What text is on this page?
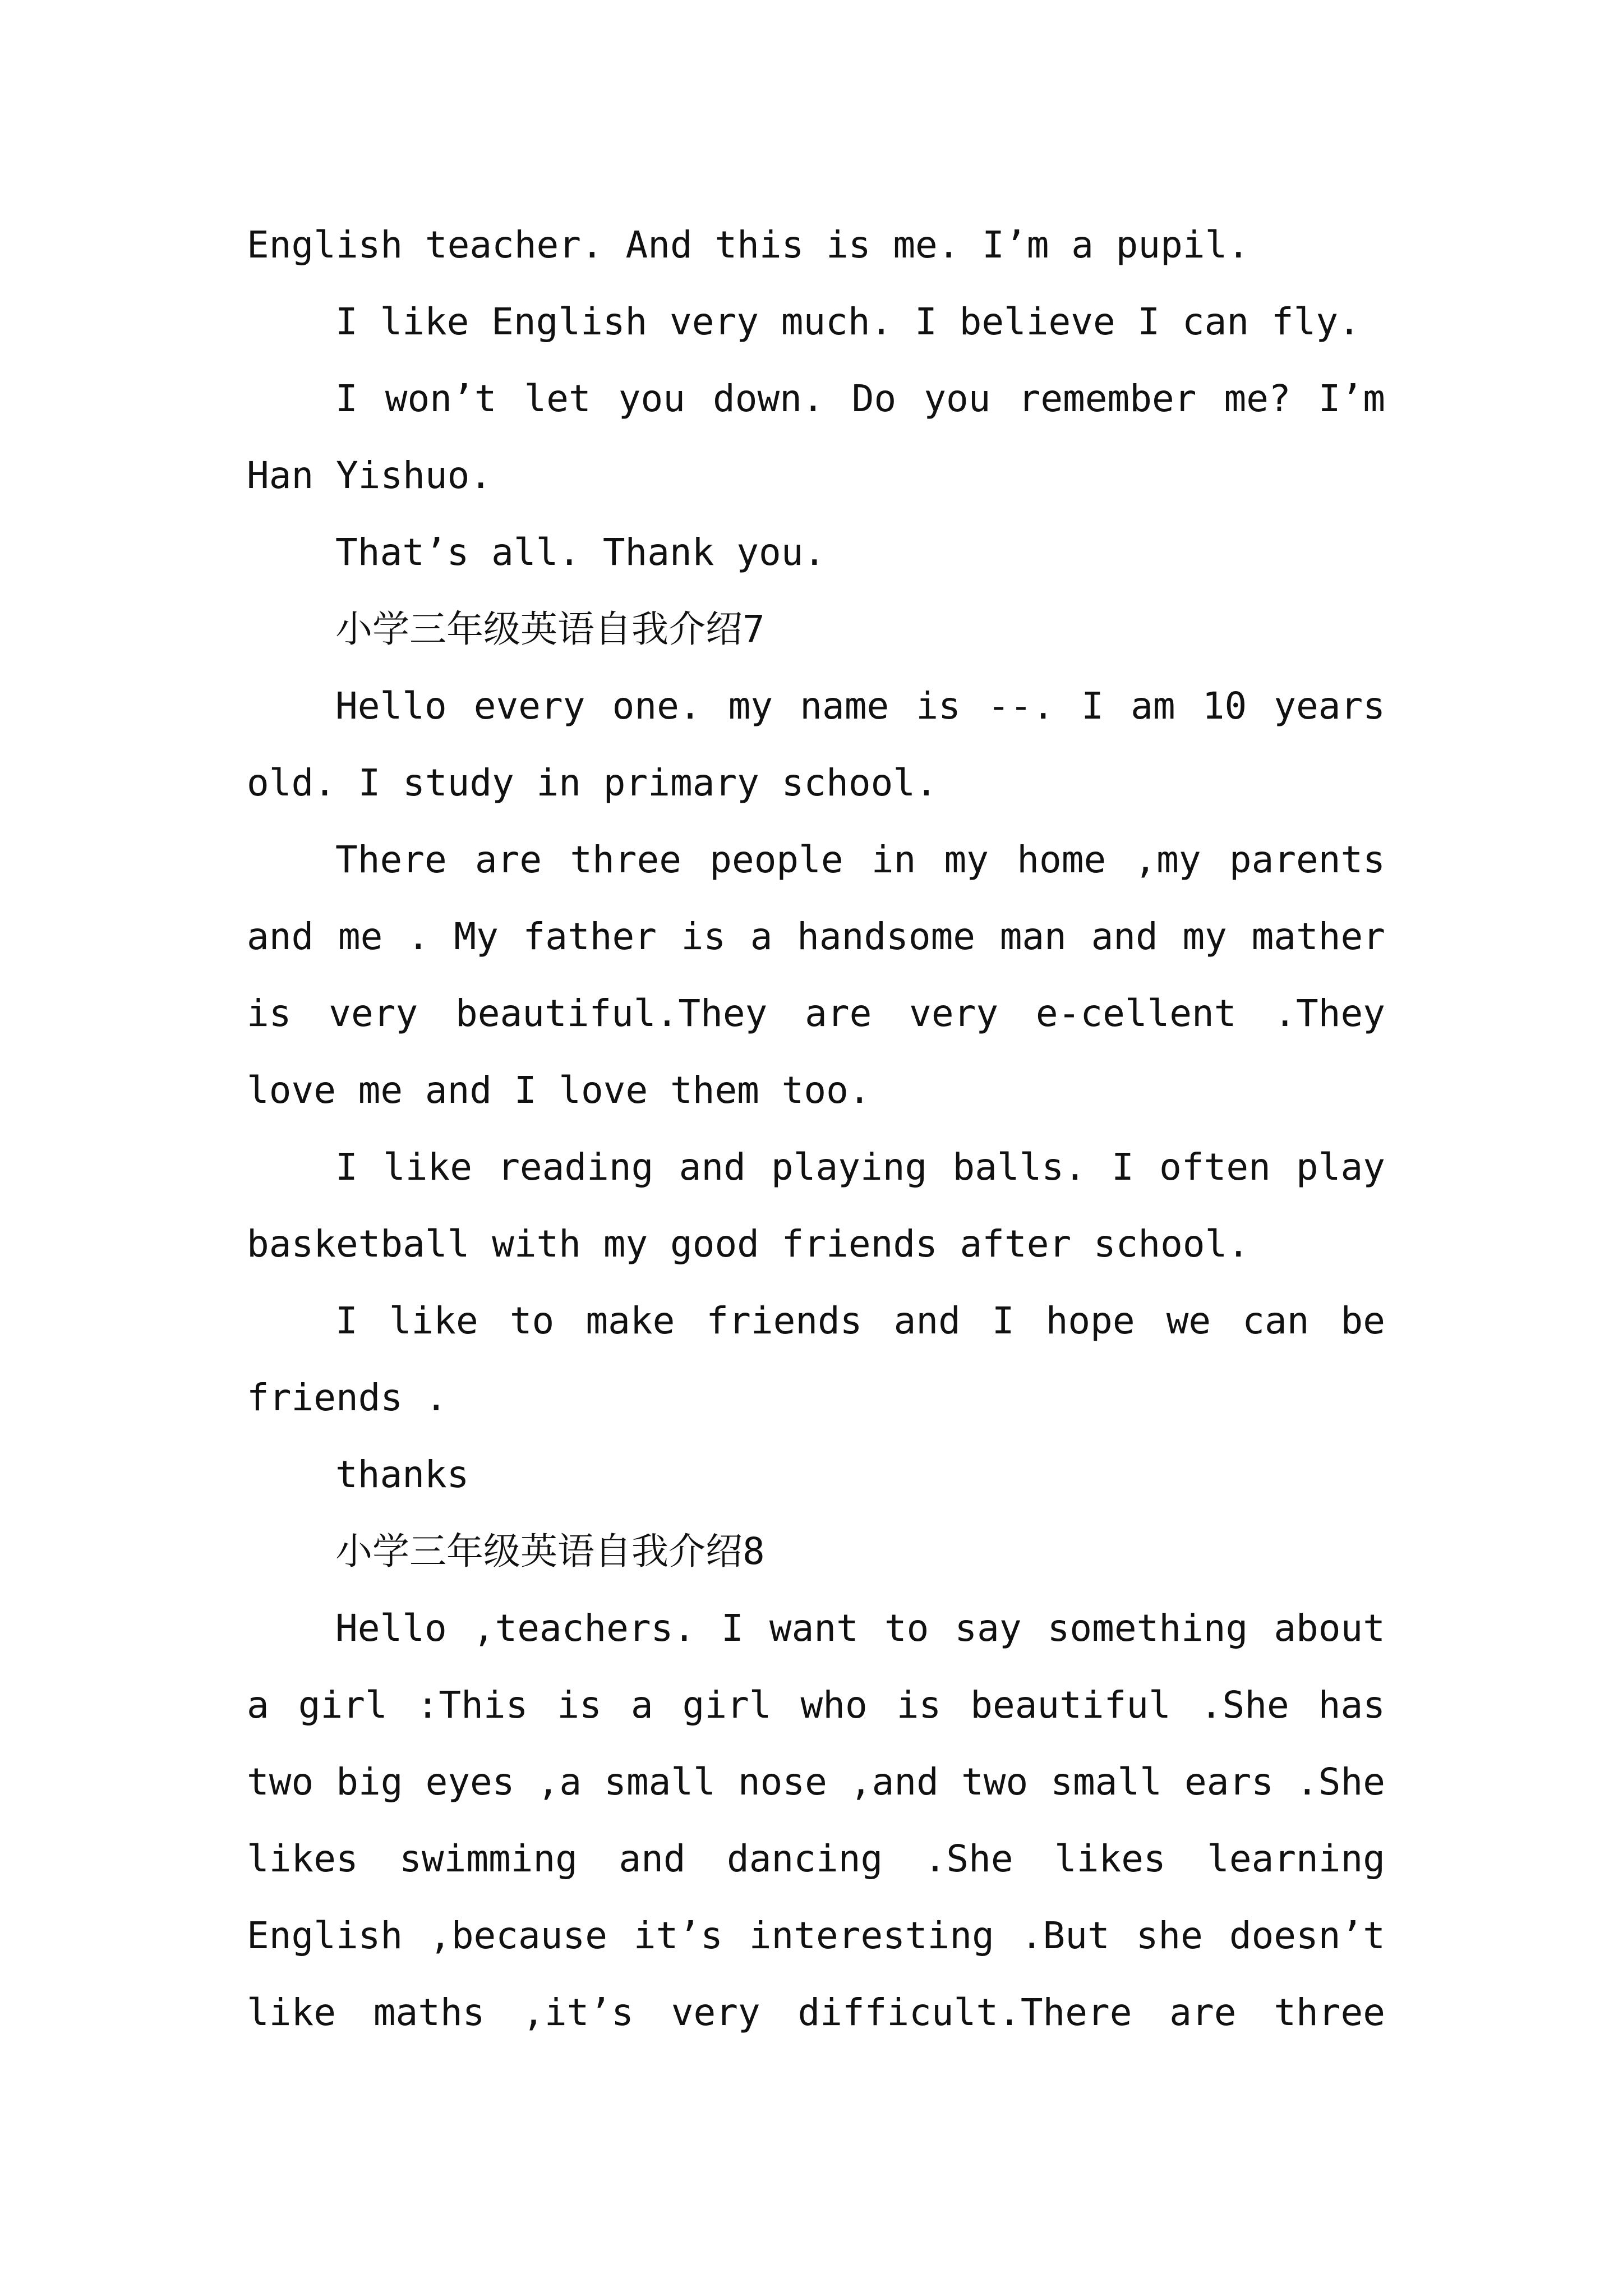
English teacher. And this is me. I’m a pupil.
I like English very much. I believe I can fly.
I won’t let you down. Do you remember me? I’m
Han Yishuo.
That’s all. Thank you.
小学三年级英语自我介绍7
Hello every one. my name is --. I am 10 years
old. I study in primary school.
There are three people in my home ,my parents
and me . My father is a handsome man and my mather
is very beautiful.They are very e-cellent .They
love me and I love them too.
I like reading and playing balls. I often play
basketball with my good friends after school.
I like to make friends and I hope we can be
friends .
thanks
小学三年级英语自我介绍8
Hello ,teachers. I want to say something about
a girl :This is a girl who is beautiful .She has
two big eyes ,a small nose ,and two small ears .She
likes swimming and dancing .She likes learning
English ,because it’s interesting .But she doesn’t
like maths ,it’s very difficult.There are three
